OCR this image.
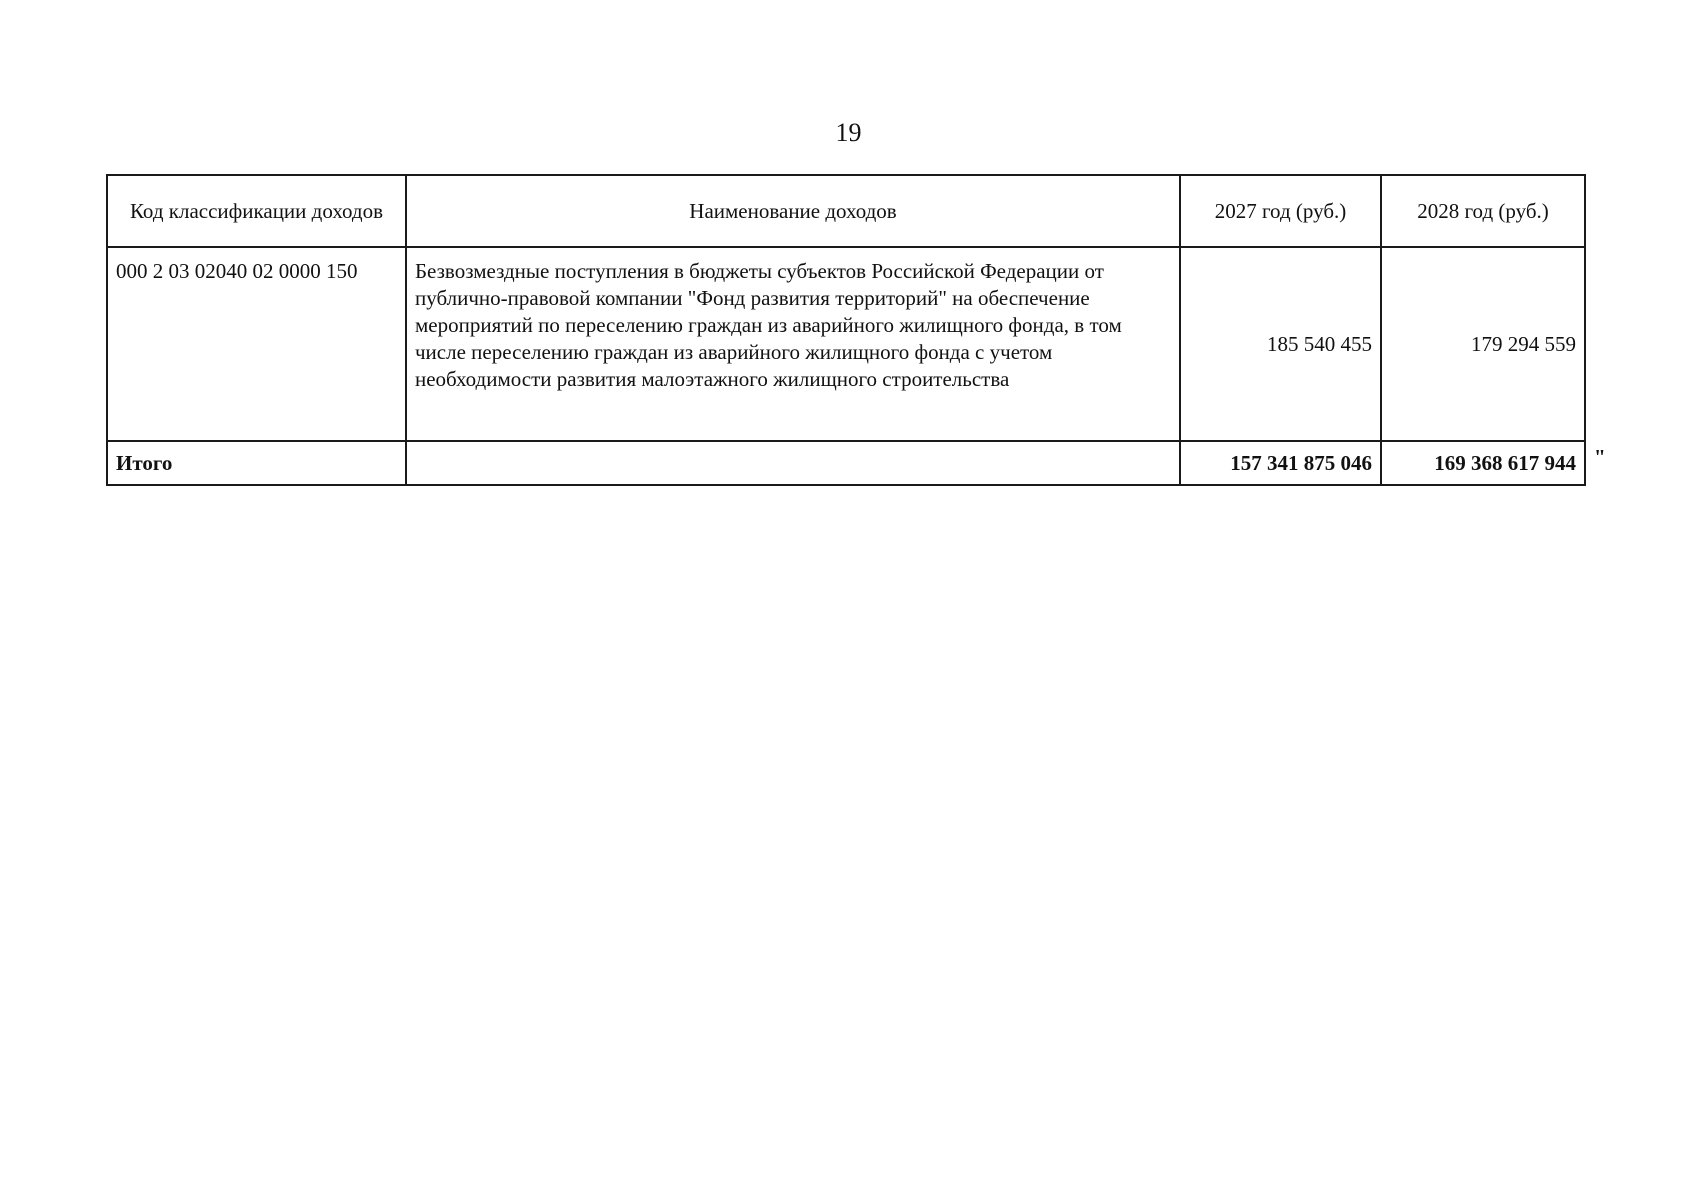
19
Код классификации доходов	Наименование доходов	2027 год (руб.)	2028 год (руб.)
000 2 03 02040 02 0000 150	Безвозмездные поступления в бюджеты субъектов Российской Федерации от публично-правовой компании "Фонд развития территорий" на обеспечение мероприятий по переселению граждан из аварийного жилищного фонда, в том числе переселению граждан из аварийного жилищного фонда с учетом необходимости развития малоэтажного жилищного строительства	185 540 455	179 294 559
Итого		157 341 875 046	169 368 617 944 "
